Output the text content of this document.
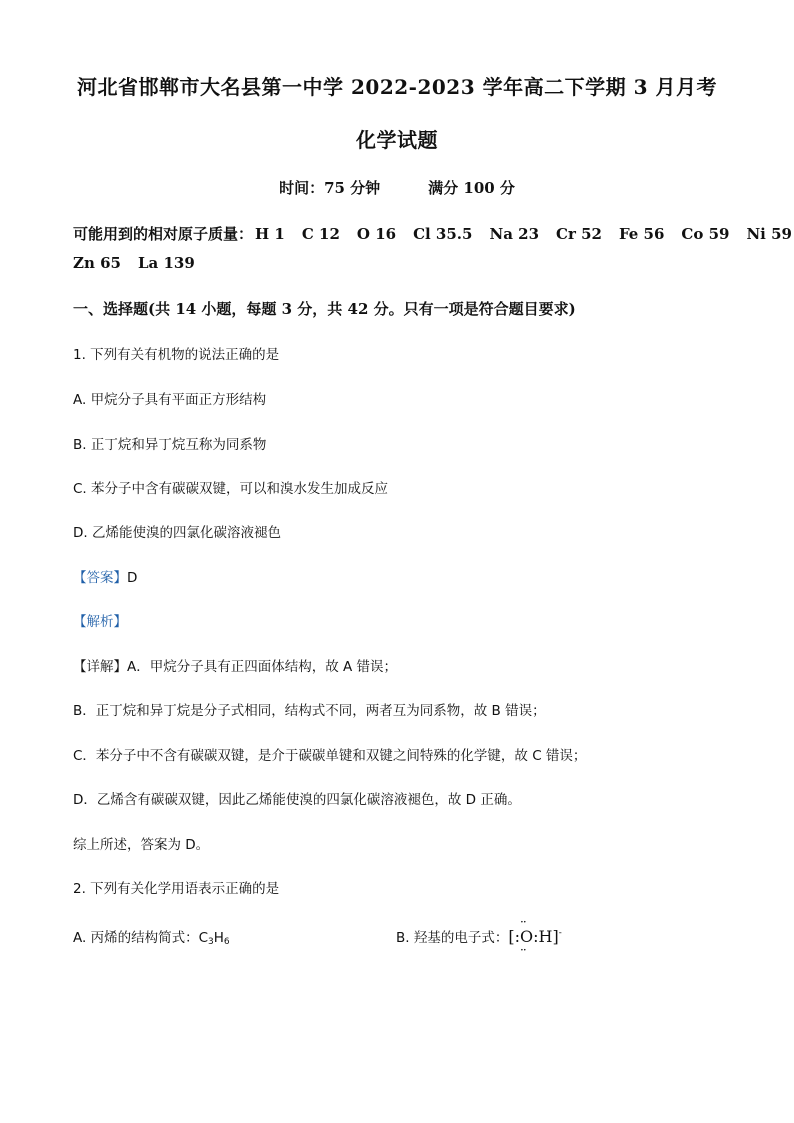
河北省邯郸市大名县第一中学 2022-2023 学年高二下学期 3 月月考
化学试题
时间：75 分钟	满分 100 分
可能用到的相对原子质量： H 1 C 12 O 16 Cl 35.5 Na 23 Cr 52 Fe 56 Co 59 Ni 59
Zn 65 La 139
一、选择题(共 14 小题，每题 3 分，共 42 分。只有一项是符合题目要求)
1. 下列有关有机物的说法正确的是
A. 甲烷分子具有平面正方形结构
B. 正丁烷和异丁烷互称为同系物
C. 苯分子中含有碳碳双键，可以和溴水发生加成反应
D. 乙烯能使溴的四氯化碳溶液褪色
【答案】D
【解析】
【详解】A．甲烷分子具有正四面体结构，故 A 错误；
B．正丁烷和异丁烷是分子式相同，结构式不同，两者互为同系物，故 B 错误；
C．苯分子中不含有碳碳双键，是介于碳碳单键和双键之间特殊的化学键，故 C 错误；
D．乙烯含有碳碳双键，因此乙烯能使溴的四氯化碳溶液褪色，故 D 正确。
综上所述，答案为 D。
2. 下列有关化学用语表示正确的是
A. 丙烯的结构简式：$C_3H_6$	B. 羟基的电子式：[:·· O ··:H]-
